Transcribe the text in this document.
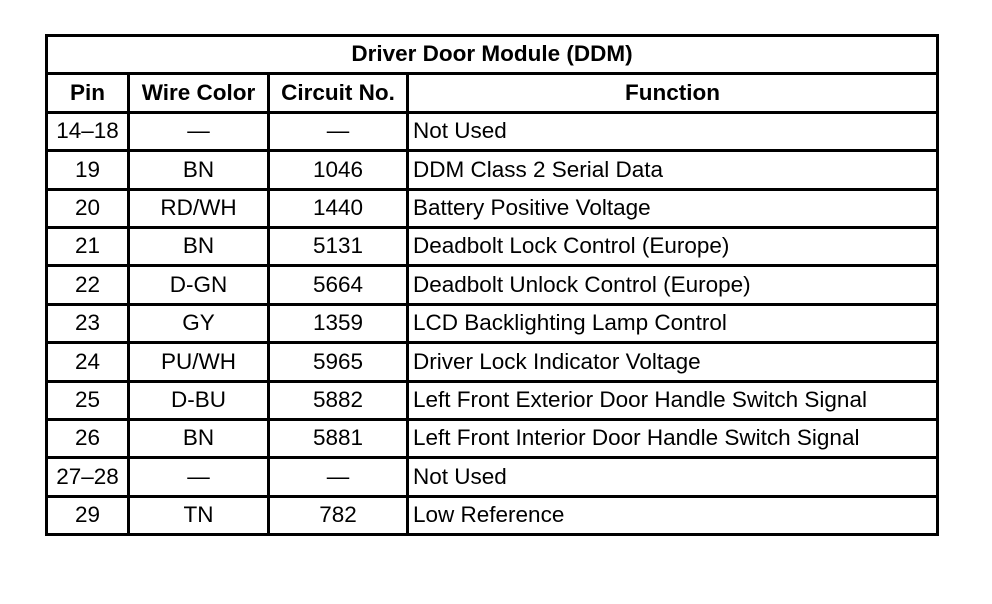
Driver Door Module (DDM)			
Pin	Wire Color	Circuit No.	Function
14–18	—	—	Not Used
19	BN	1046	DDM Class 2 Serial Data
20	RD/WH	1440	Battery Positive Voltage
21	BN	5131	Deadbolt Lock Control (Europe)
22	D-GN	5664	Deadbolt Unlock Control (Europe)
23	GY	1359	LCD Backlighting Lamp Control
24	PU/WH	5965	Driver Lock Indicator Voltage
25	D-BU	5882	Left Front Exterior Door Handle Switch Signal
26	BN	5881	Left Front Interior Door Handle Switch Signal
27–28	—	—	Not Used
29	TN	782	Low Reference
